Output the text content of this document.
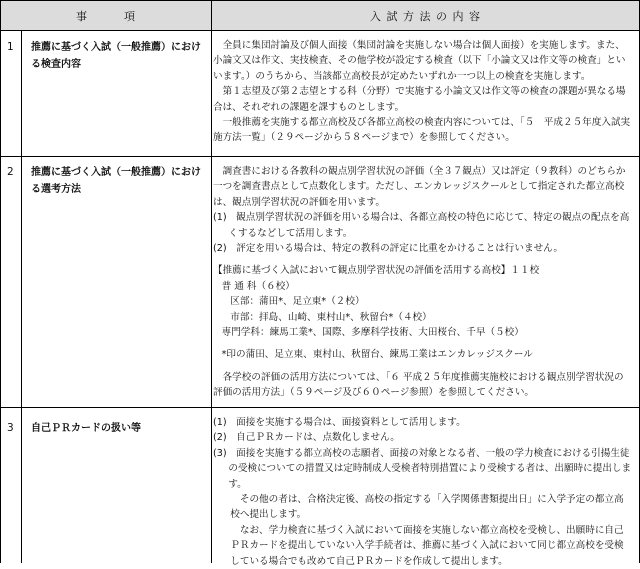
事　　　項	入 試 方 法 の 内 容
1 推薦に基づく入試（一般推薦）における検査内容

全員に集団討論及び個人面接（集団討論を実施しない場合は個人面接）を実施します。また、小論文又は作文、実技検査、その他学校が設定する検査（以下「小論文又は作文等の検査」といいます。）のうちから、当該都立高校長が定めたいずれか一つ以上の検査を実施します。

第１志望及び第２志望とする科（分野）で実施する小論文又は作文等の検査の課題が異なる場合は、それぞれの課題を課すものとします。

一般推薦を実施する都立高校及び各都立高校の検査内容については、「５　平成２５年度入試実施方法一覧」（２９ページから５８ページまで）を参照してください。

2 推薦に基づく入試（一般推薦）における選考方法

調査書における各教科の観点別学習状況の評価（全３７観点）又は評定（９教科）のどちらか一つを調査書点として点数化します。ただし、エンカレッジスクールとして指定された都立高校は、観点別学習状況の評価を用います。

(1)　観点別学習状況の評価を用いる場合は、各都立高校の特色に応じて、特定の観点の配点を高くするなどして活用します。

(2)　評定を用いる場合は、特定の教科の評定に比重をかけることは行いません。

【推薦に基づく入試において観点別学習状況の評価を活用する高校】１１校

普 通 科（６校）

区部：蒲田*、足立東*（２校）

市部：拝島、山崎、東村山*、秋留台*（４校）

専門学科：練馬工業*、国際、多摩科学技術、大田桜台、千早（５校）

*印の蒲田、足立東、東村山、秋留台、練馬工業はエンカレッジスクール

各学校の評価の活用方法については、「６ 平成２５年度推薦実施校における観点別学習状況の評価の活用方法」（５９ページ及び６０ページ参照）を参照してください。

3 自己ＰＲカードの扱い等

(1)　面接を実施する場合は、面接資料として活用します。

(2)　自己ＰＲカードは、点数化しません。

(3)　面接を実施する都立高校の志願者、面接の対象となる者、一般の学力検査における引揚生徒の受検についての措置又は定時制成人受検者特別措置により受検する者は、出願時に提出します。

その他の者は、合格決定後、高校の指定する「入学関係書類提出日」に入学予定の都立高校へ提出します。

なお、学力検査に基づく入試において面接を実施しない都立高校を受検し、出願時に自己ＰＲカードを提出していない入学手続者は、推薦に基づく入試において同じ都立高校を受検している場合でも改めて自己ＰＲカードを作成して提出します。
